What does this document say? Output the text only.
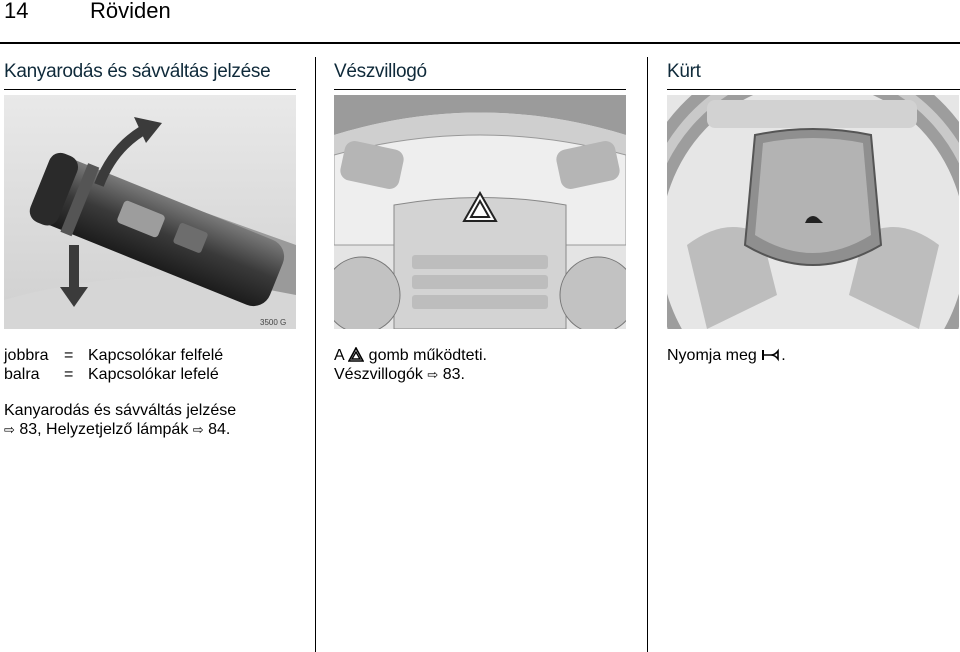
14	Röviden
Kanyarodás és sávváltás jelzése
3500 G
jobbra = Kapcsolókar felfelé
balra	= Kapcsolókar lefelé
Kanyarodás és sávváltás jelzése
⇨ 83, Helyzetjelző lámpák ⇨ 84.
Vészvillogó
A  gomb működteti.
Vészvillogók ⇨ 83.
Kürt
Nyomja meg .
